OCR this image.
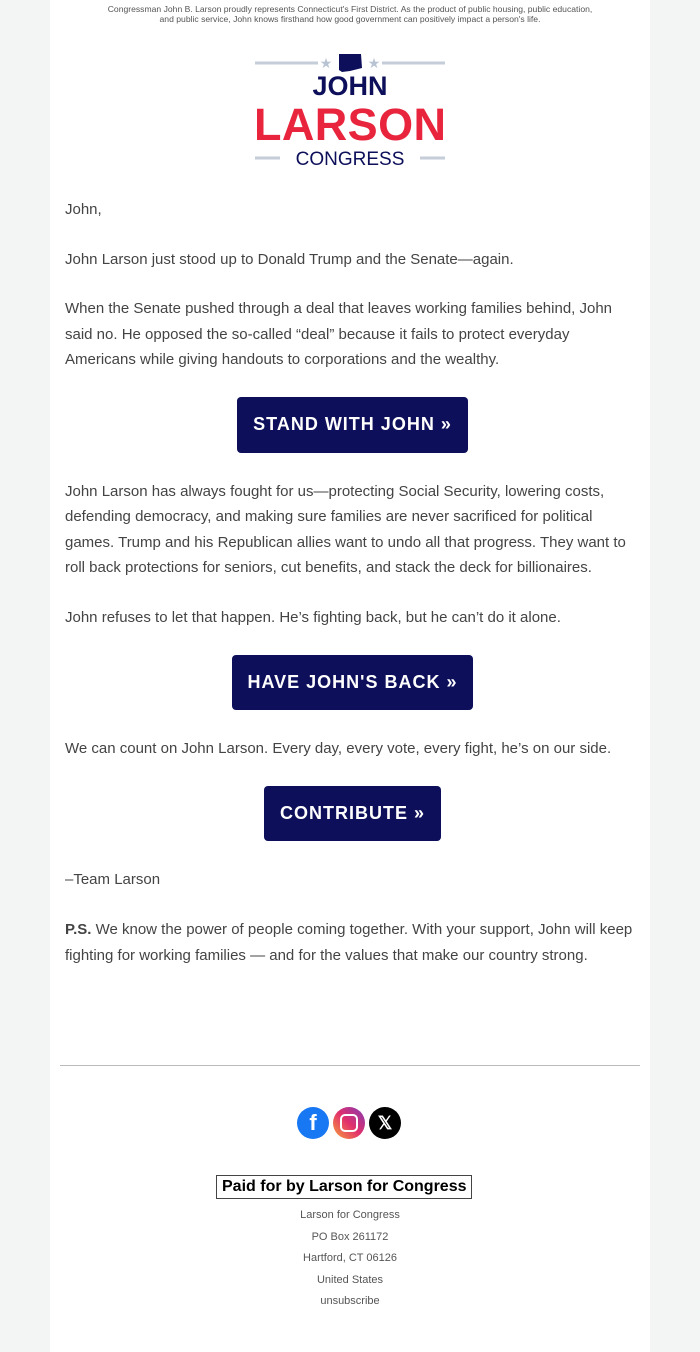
Congressman John B. Larson proudly represents Connecticut's First District. As the product of public housing, public education, and public service, John knows firsthand how good government can positively impact a person's life.
★	★
JOHN
LARSON
CONGRESS

John,

John Larson just stood up to Donald Trump and the Senate—again.

When the Senate pushed through a deal that leaves working families behind, John said no. He opposed the so-called “deal” because it fails to protect everyday Americans while giving handouts to corporations and the wealthy.

STAND WITH JOHN »

John Larson has always fought for us—protecting Social Security, lowering costs, defending democracy, and making sure families are never sacrificed for political games. Trump and his Republican allies want to undo all that progress. They want to roll back protections for seniors, cut benefits, and stack the deck for billionaires.

John refuses to let that happen. He’s fighting back, but he can’t do it alone.

HAVE JOHN'S BACK »

We can count on John Larson. Every day, every vote, every fight, he’s on our side.

CONTRIBUTE »

–Team Larson

P.S. We know the power of people coming together. With your support, John will keep fighting for working families — and for the values that make our country strong.

f	𝕏
Paid for by Larson for Congress
Larson for Congress
PO Box 261172
Hartford, CT 06126
United States
unsubscribe
